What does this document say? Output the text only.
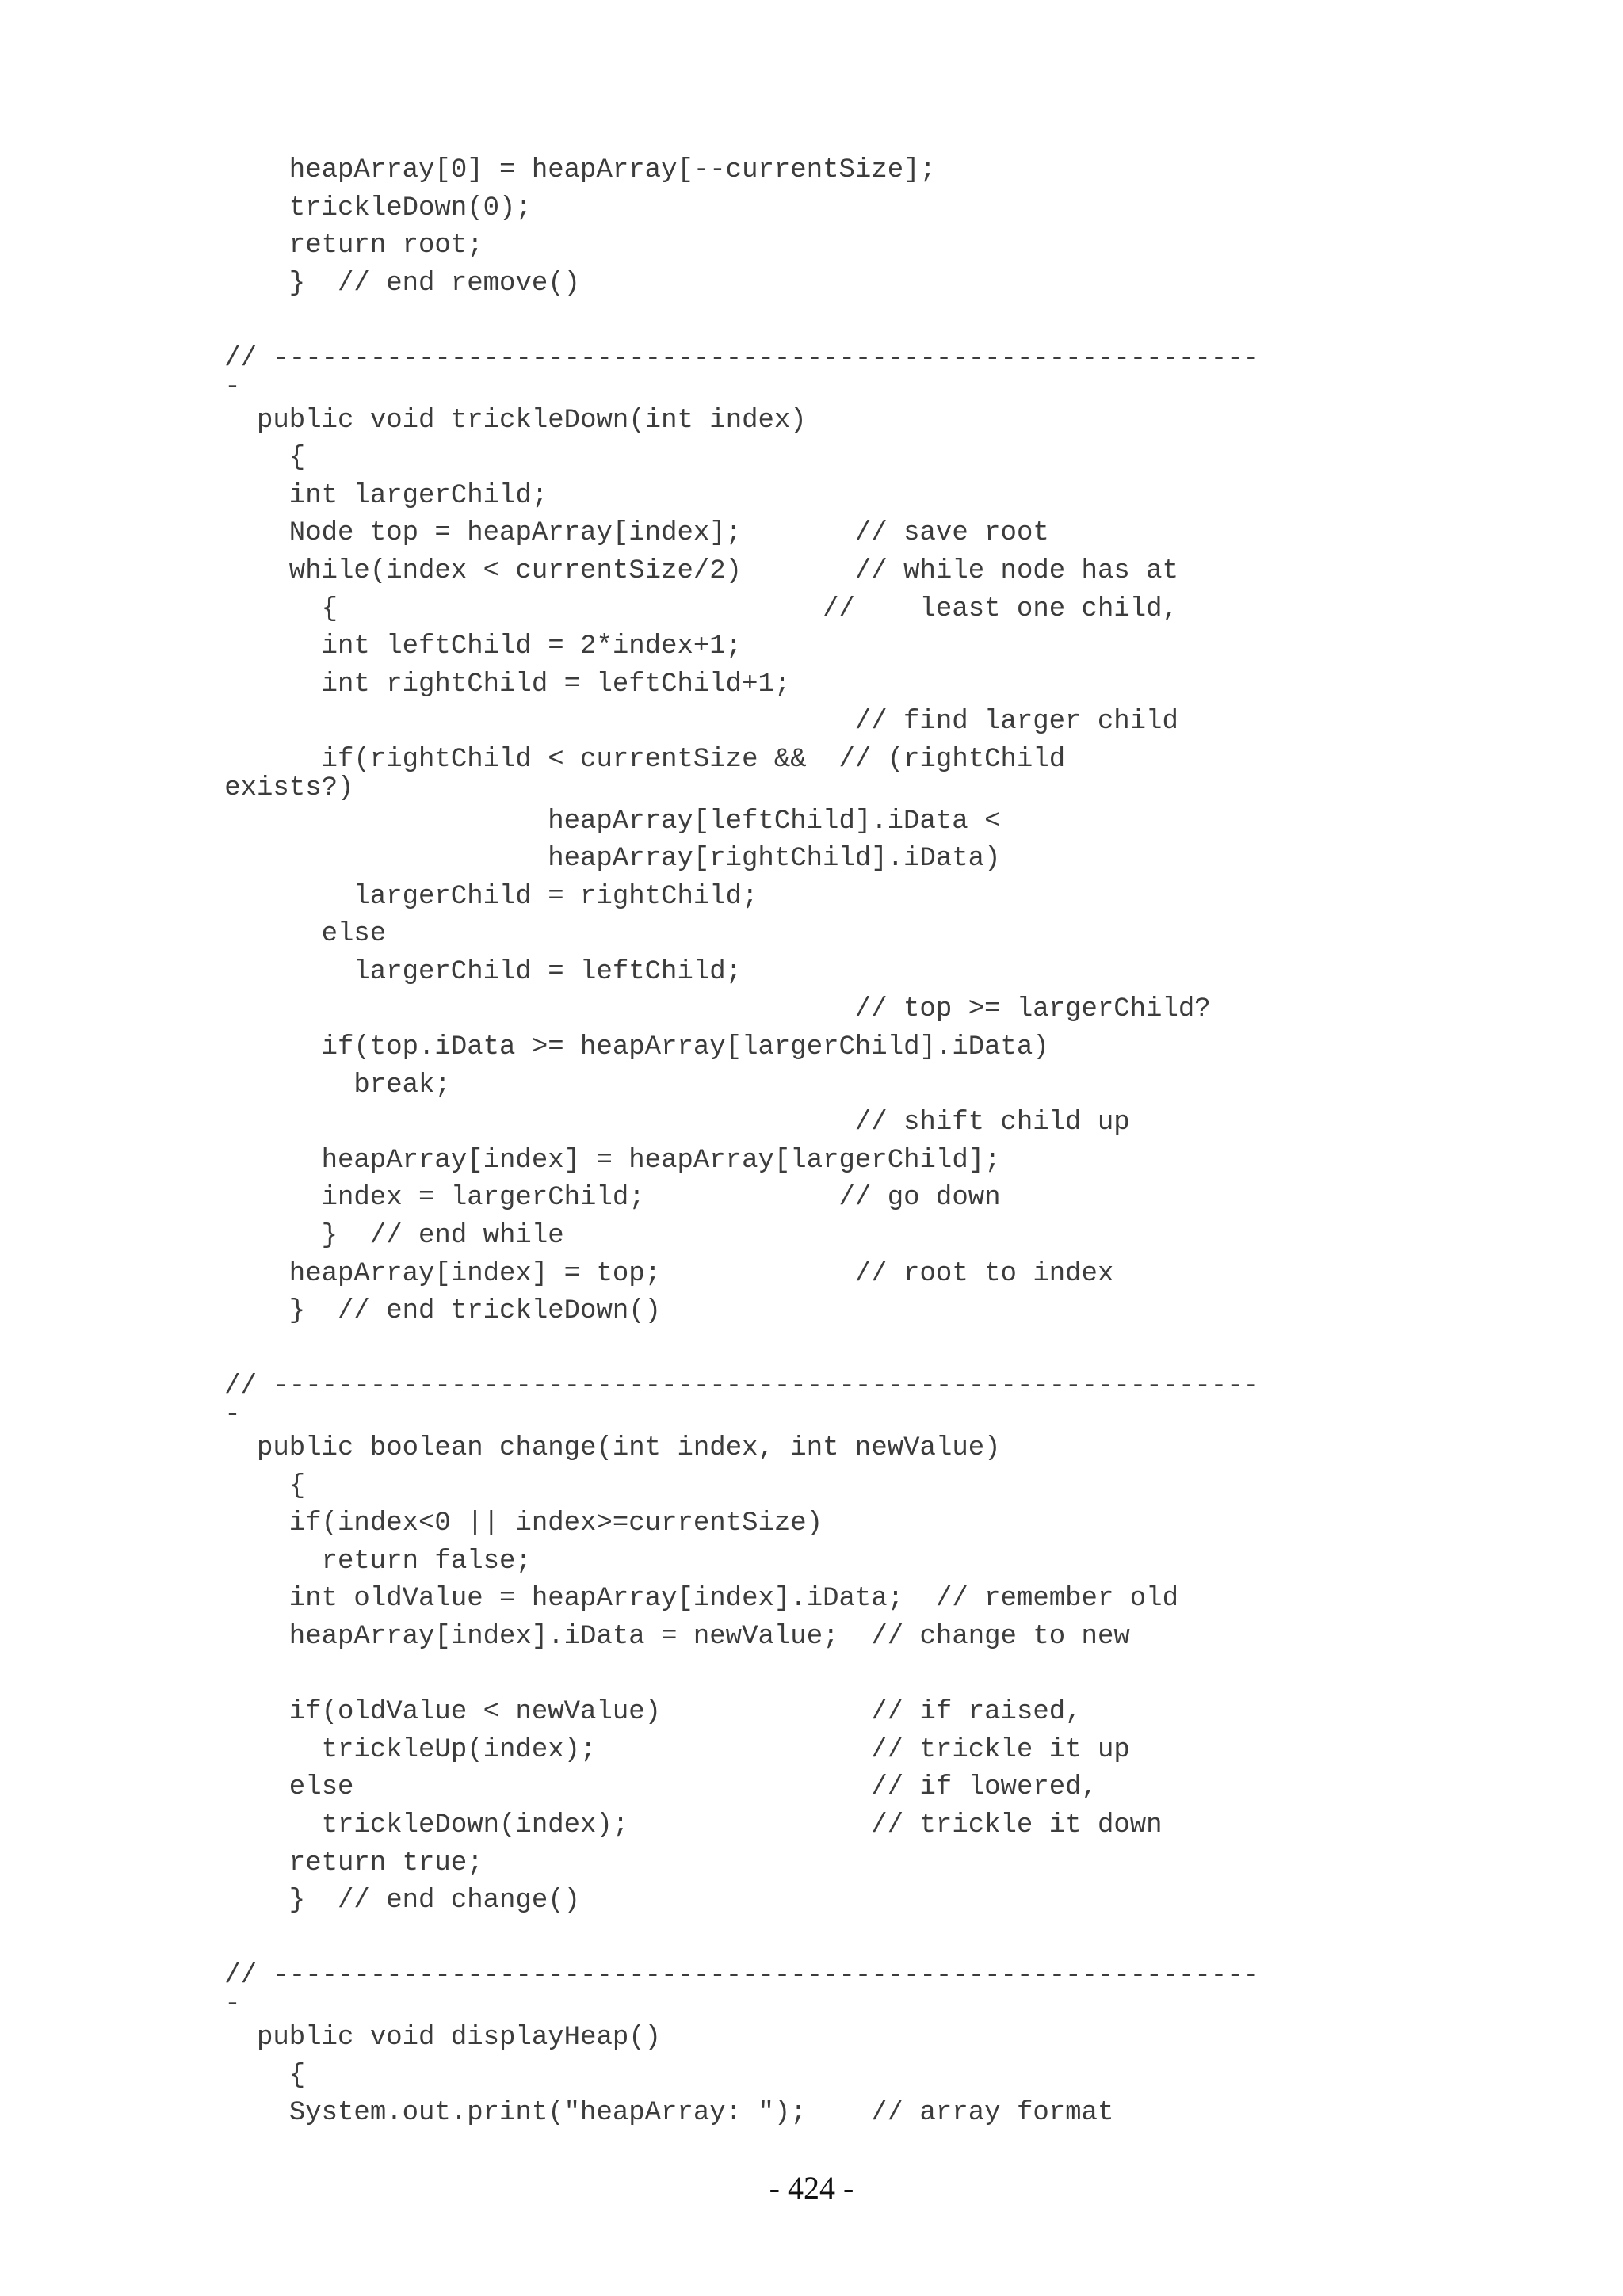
heapArray[0] = heapArray[--currentSize];
trickleDown(0);
return root;
}  // end remove()
// -------------------------------------------------------------
-
public void trickleDown(int index)
{
int largerChild;
Node top = heapArray[index];       // save root
while(index < currentSize/2)       // while node has at
{                              //    least one child,
int leftChild = 2*index+1;
int rightChild = leftChild+1;
// find larger child
if(rightChild < currentSize &&  // (rightChild
exists?)
heapArray[leftChild].iData <
heapArray[rightChild].iData)
largerChild = rightChild;
else
largerChild = leftChild;
// top >= largerChild?
if(top.iData >= heapArray[largerChild].iData)
break;
// shift child up
heapArray[index] = heapArray[largerChild];
index = largerChild;            // go down
}  // end while
heapArray[index] = top;            // root to index
}  // end trickleDown()
// -------------------------------------------------------------
-
public boolean change(int index, int newValue)
{
if(index<0 || index>=currentSize)
return false;
int oldValue = heapArray[index].iData;  // remember old
heapArray[index].iData = newValue;  // change to new
if(oldValue < newValue)             // if raised,
trickleUp(index);                 // trickle it up
else                                // if lowered,
trickleDown(index);               // trickle it down
return true;
}  // end change()
// -------------------------------------------------------------
-
public void displayHeap()
{
System.out.print("heapArray: ");    // array format
- 424 -
